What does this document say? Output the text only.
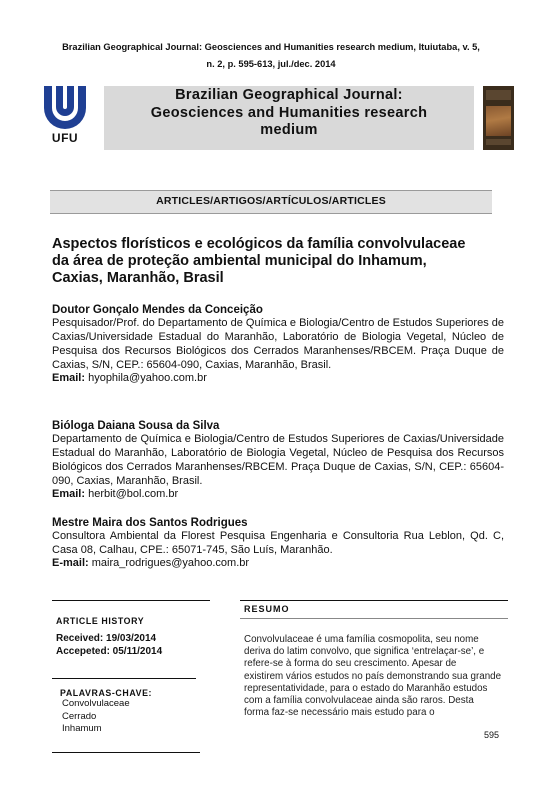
Brazilian Geographical Journal: Geosciences and Humanities research medium, Ituiutaba, v. 5,
n. 2, p. 595-613, jul./dec. 2014
UFU
Brazilian Geographical Journal:
Geosciences and Humanities research
medium
ARTICLES/ARTIGOS/ARTÍCULOS/ARTICLES
Aspectos florísticos e ecológicos da família convolvulaceae
da área de proteção ambiental municipal do Inhamum,
Caxias, Maranhão, Brasil
Doutor Gonçalo Mendes da Conceição
Pesquisador/Prof. do Departamento de Química e Biologia/Centro de Estudos Superiores de Caxias/Universidade Estadual do Maranhão, Laboratório de Biologia Vegetal, Núcleo de Pesquisa dos Recursos Biológicos dos Cerrados Maranhenses/RBCEM. Praça Duque de Caxias, S/N, CEP.: 65604-090, Caxias, Maranhão, Brasil.
Email: hyophila@yahoo.com.br
Bióloga Daiana Sousa da Silva
Departamento de Química e Biologia/Centro de Estudos Superiores de Caxias/Universidade Estadual do Maranhão, Laboratório de Biologia Vegetal, Núcleo de Pesquisa dos Recursos Biológicos dos Cerrados Maranhenses/RBCEM. Praça Duque de Caxias, S/N, CEP.: 65604-090, Caxias, Maranhão, Brasil.
Email: herbit@bol.com.br
Mestre Maira dos Santos Rodrigues
Consultora Ambiental da Florest Pesquisa Engenharia e Consultoria Rua Leblon, Qd. C, Casa 08, Calhau, CPE.: 65071-745, São Luís, Maranhão.
E-mail: maira_rodrigues@yahoo.com.br
ARTICLE HISTORY
Received: 19/03/2014
Accepeted: 05/11/2014
PALAVRAS-CHAVE:
Convolvulaceae
Cerrado
Inhamum
RESUMO
Convolvulaceae é uma família cosmopolita, seu nome
deriva do latim convolvo, que significa ‘entrelaçar-se’, e
refere-se à forma do seu crescimento. Apesar de
existirem vários estudos no país demonstrando sua grande
representatividade, para o estado do Maranhão estudos
com a família convolvulaceae ainda são raros. Desta
forma faz-se necessário mais estudo para o
595
